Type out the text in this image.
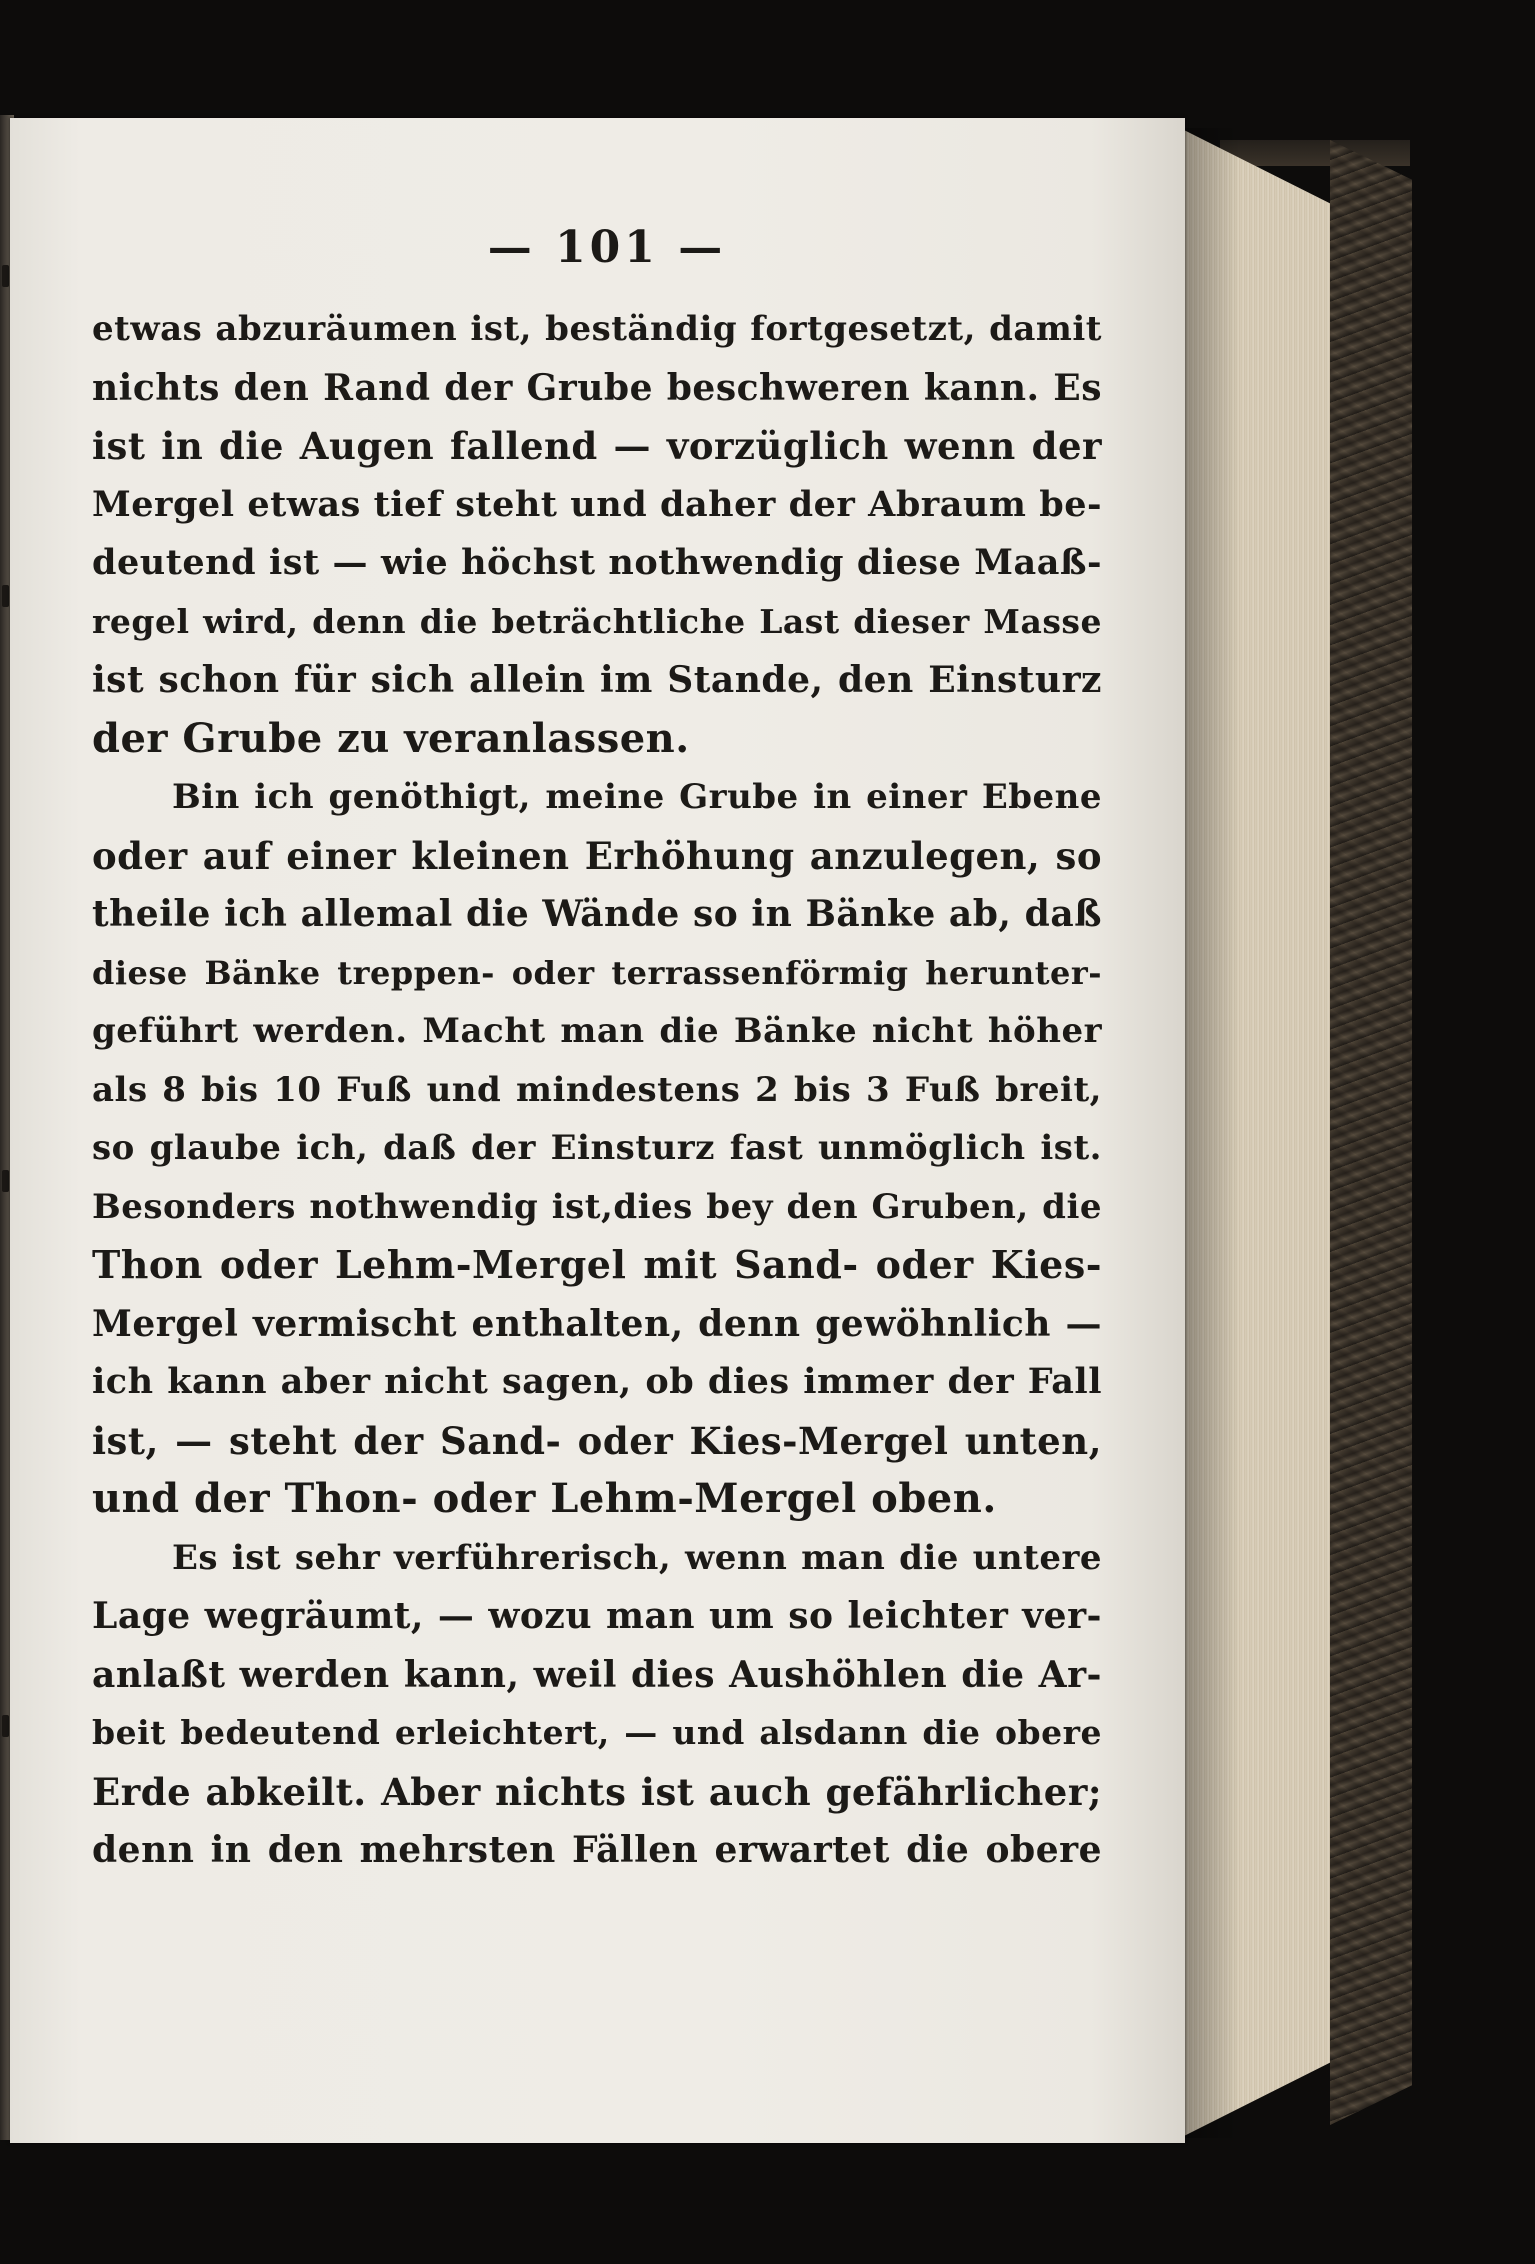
— 101 —
etwas abzuräumen ist, beständig fortgesetzt, damit
nichts den Rand der Grube beschweren kann. Es
ist in die Augen fallend — vorzüglich wenn der
Mergel etwas tief steht und daher der Abraum be-
deutend ist — wie höchst nothwendig diese Maaß-
regel wird, denn die beträchtliche Last dieser Masse
ist schon für sich allein im Stande, den Einsturz
der Grube zu veranlassen.
Bin ich genöthigt, meine Grube in einer Ebene
oder auf einer kleinen Erhöhung anzulegen, so
theile ich allemal die Wände so in Bänke ab, daß
diese Bänke treppen- oder terrassenförmig herunter-
geführt werden. Macht man die Bänke nicht höher
als 8 bis 10 Fuß und mindestens 2 bis 3 Fuß breit,
so glaube ich, daß der Einsturz fast unmöglich ist.
Besonders nothwendig ist,dies bey den Gruben, die
Thon oder Lehm-Mergel mit Sand- oder Kies-
Mergel vermischt enthalten, denn gewöhnlich —
ich kann aber nicht sagen, ob dies immer der Fall
ist, — steht der Sand- oder Kies-Mergel unten,
und der Thon- oder Lehm-Mergel oben.
Es ist sehr verführerisch, wenn man die untere
Lage wegräumt, — wozu man um so leichter ver-
anlaßt werden kann, weil dies Aushöhlen die Ar-
beit bedeutend erleichtert, — und alsdann die obere
Erde abkeilt. Aber nichts ist auch gefährlicher;
denn in den mehrsten Fällen erwartet die obere
